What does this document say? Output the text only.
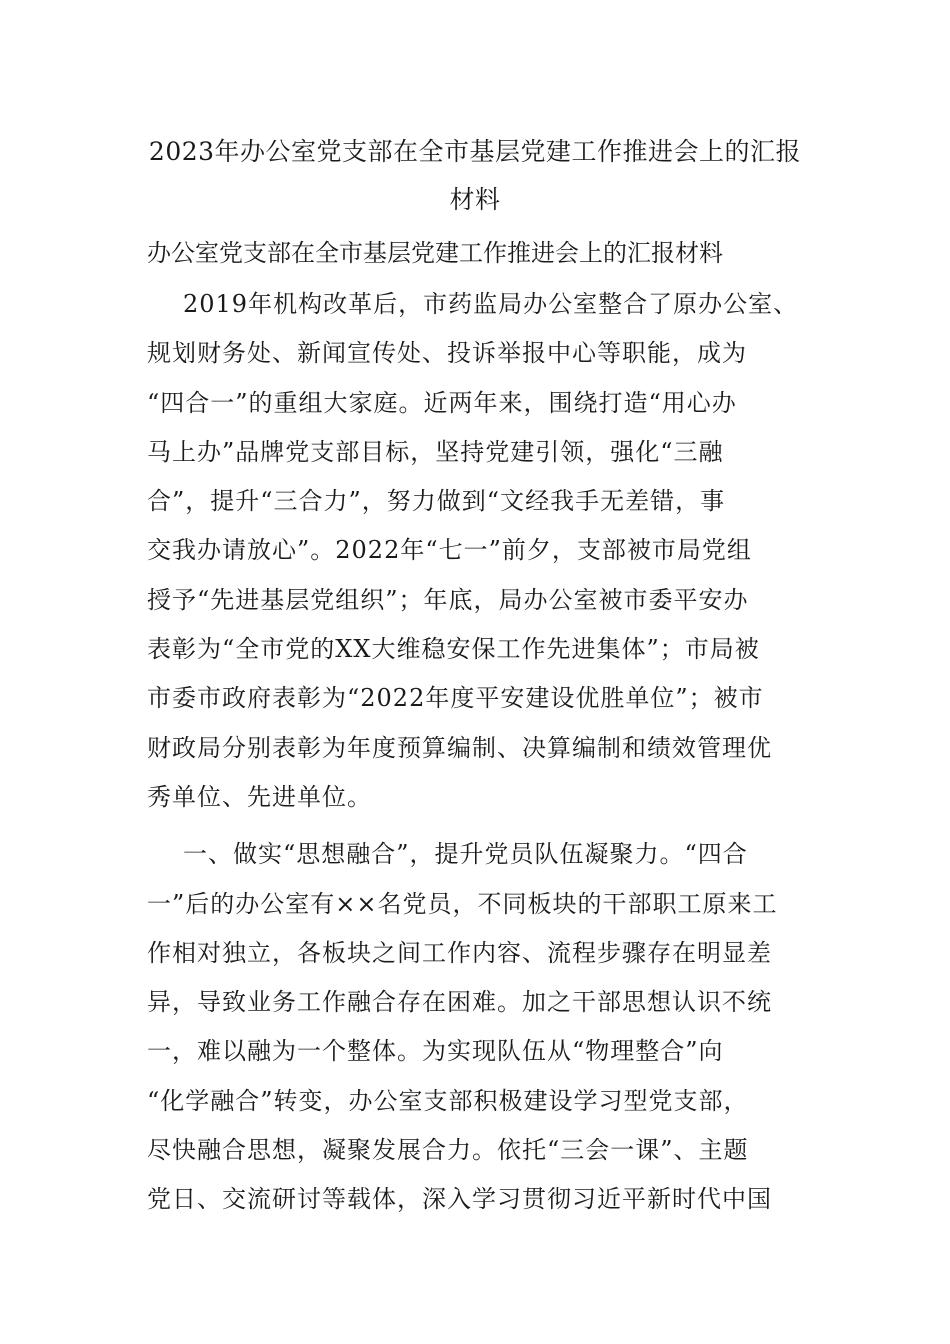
2023年办公室党支部在全市基层党建工作推进会上的汇报
材料
办公室党支部在全市基层党建工作推进会上的汇报材料
2019年机构改革后，市药监局办公室整合了原办公室、
规划财务处、新闻宣传处、投诉举报中心等职能，成为
“四合一”的重组大家庭。近两年来，围绕打造“用心办
马上办”品牌党支部目标，坚持党建引领，强化“三融
合”，提升“三合力”，努力做到“文经我手无差错，事
交我办请放心”。2022年“七一”前夕，支部被市局党组
授予“先进基层党组织”；年底，局办公室被市委平安办
表彰为“全市党的XX大维稳安保工作先进集体”；市局被
市委市政府表彰为“2022年度平安建设优胜单位”；被市
财政局分别表彰为年度预算编制、决算编制和绩效管理优
秀单位、先进单位。
一、做实“思想融合”，提升党员队伍凝聚力。“四合
一”后的办公室有××名党员，不同板块的干部职工原来工
作相对独立，各板块之间工作内容、流程步骤存在明显差
异，导致业务工作融合存在困难。加之干部思想认识不统
一，难以融为一个整体。为实现队伍从“物理整合”向
“化学融合”转变，办公室支部积极建设学习型党支部，
尽快融合思想，凝聚发展合力。依托“三会一课”、主题
党日、交流研讨等载体，深入学习贯彻习近平新时代中国
